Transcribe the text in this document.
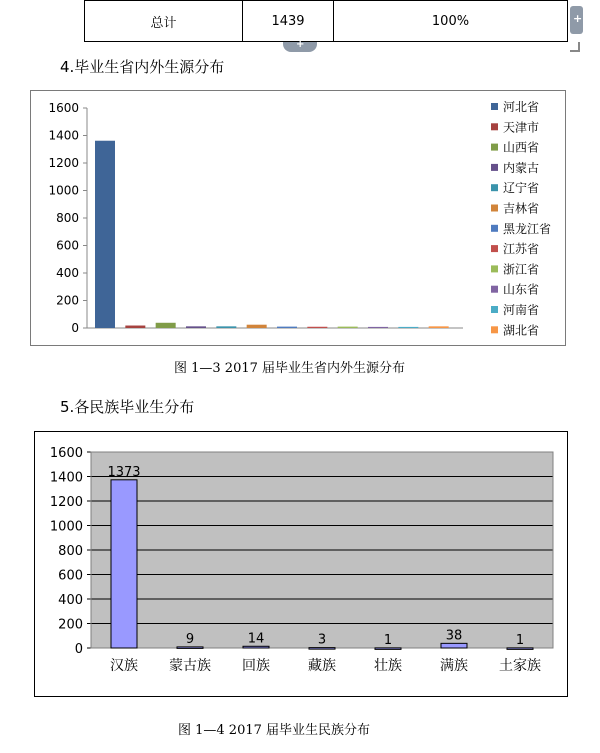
总计	1439	100%
+
+
4.毕业生省内外生源分布
0
200
400
600
800
1000
1200
1400
1600	河北省
天津市
山西省
内蒙古
辽宁省
吉林省
黑龙江省
江苏省
浙江省
山东省
河南省
湖北省
图 1—3 2017 届毕业生省内外生源分布
5.各民族毕业生分布
0
200
400
600
800
1000
1200
1400
1600
1373
汉族
9
蒙古族
14
回族
3
藏族
1
壮族
38
满族
1
土家族
图 1—4 2017 届毕业生民族分布
